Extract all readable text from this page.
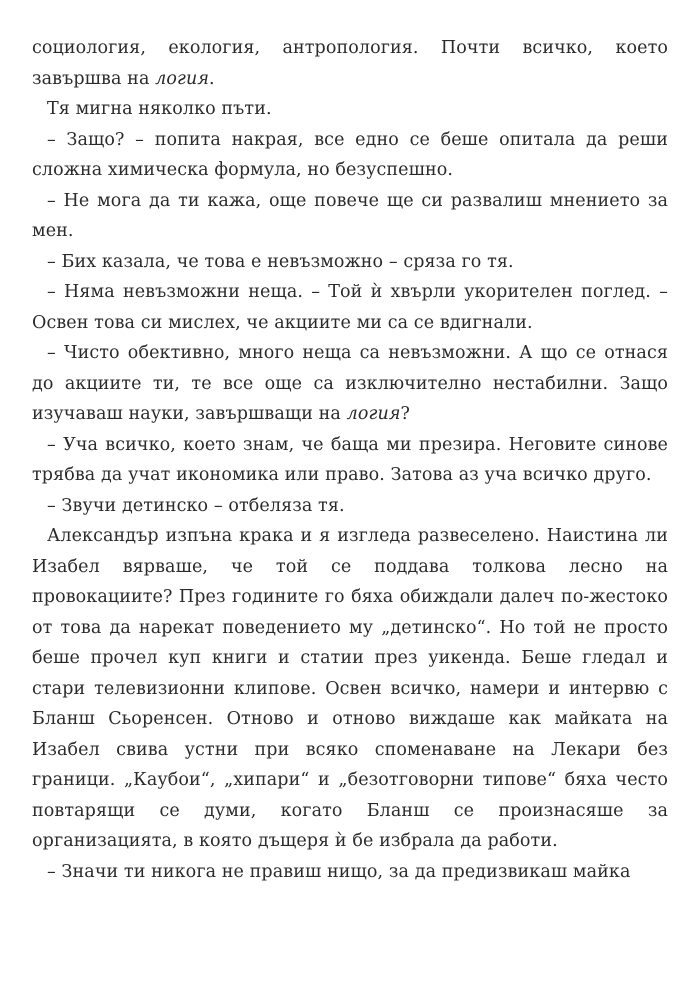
социология, екология, антропология. Почти всичко, което завършва на логия.

Тя мигна няколко пъти.

– Защо? – попита накрая, все едно се беше опитала да реши сложна химическа формула, но безуспешно.

– Не мога да ти кажа, още повече ще си развалиш мнението за мен.

– Бих казала, че това е невъзможно – сряза го тя.

– Няма невъзможни неща. – Той ѝ хвърли укорителен поглед. – Освен това си мислех, че акциите ми са се вдигнали.

– Чисто обективно, много неща са невъзможни. А що се отнася до акциите ти, те все още са изключително нестабилни. Защо изучаваш науки, завършващи на логия?

– Уча всичко, което знам, че баща ми презира. Неговите синове трябва да учат икономика или право. Затова аз уча всичко друго.

– Звучи детинско – отбеляза тя.

Александър изпъна крака и я изгледа развеселено. Наистина ли Изабел вярваше, че той се поддава толкова лесно на провокациите? През годините го бяха обиждали далеч по-жестоко от това да нарекат поведението му „детинско“. Но той не просто беше прочел куп книги и статии през уикенда. Беше гледал и стари телевизионни клипове. Освен всичко, намери и интервю с Бланш Сьоренсен. Отново и отново виждаше как майката на Изабел свива устни при всяко споменаване на Лекари без граници. „Каубои“, „хипари“ и „безотговорни типове“ бяха често повтарящи се думи, когато Бланш се произнасяше за организацията, в която дъщеря ѝ бе избрала да работи.

– Значи ти никога не правиш нищо, за да предизвикаш майка
